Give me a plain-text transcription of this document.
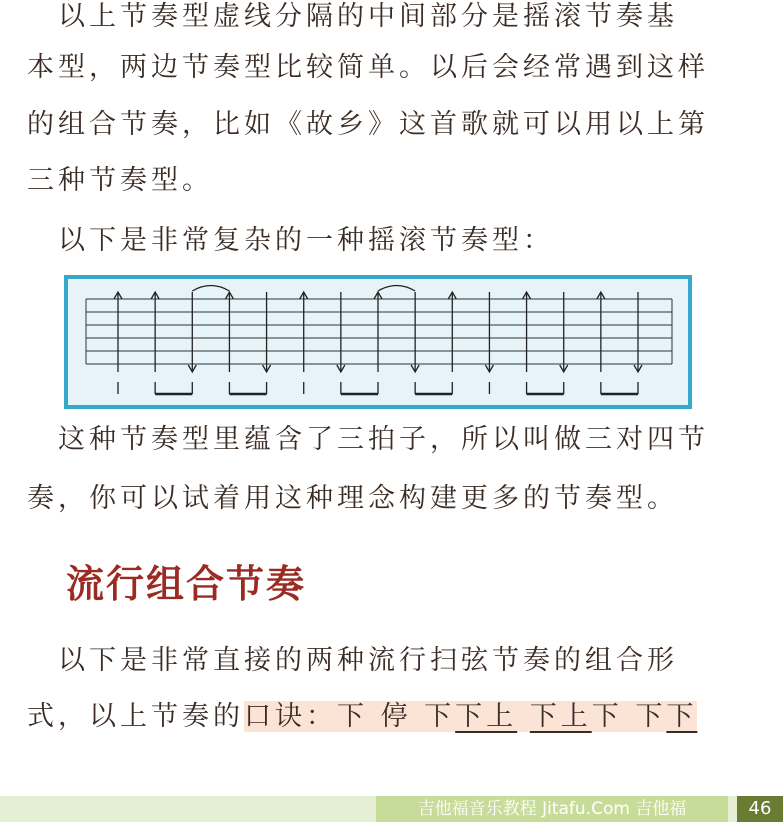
　以上节奏型虚线分隔的中间部分是摇滚节奏基
本型，两边节奏型比较简单。以后会经常遇到这样
的组合节奏，比如《故乡》这首歌就可以用以上第
三种节奏型。
　以下是非常复杂的一种摇滚节奏型：
　这种节奏型里蕴含了三拍子，所以叫做三对四节
奏，你可以试着用这种理念构建更多的节奏型。
流行组合节奏
　以下是非常直接的两种流行扫弦节奏的组合形
式，以上节奏的口诀：下 停 下下上 下上下 下下
吉他福音乐教程 Jitafu.Com 吉他福	46
